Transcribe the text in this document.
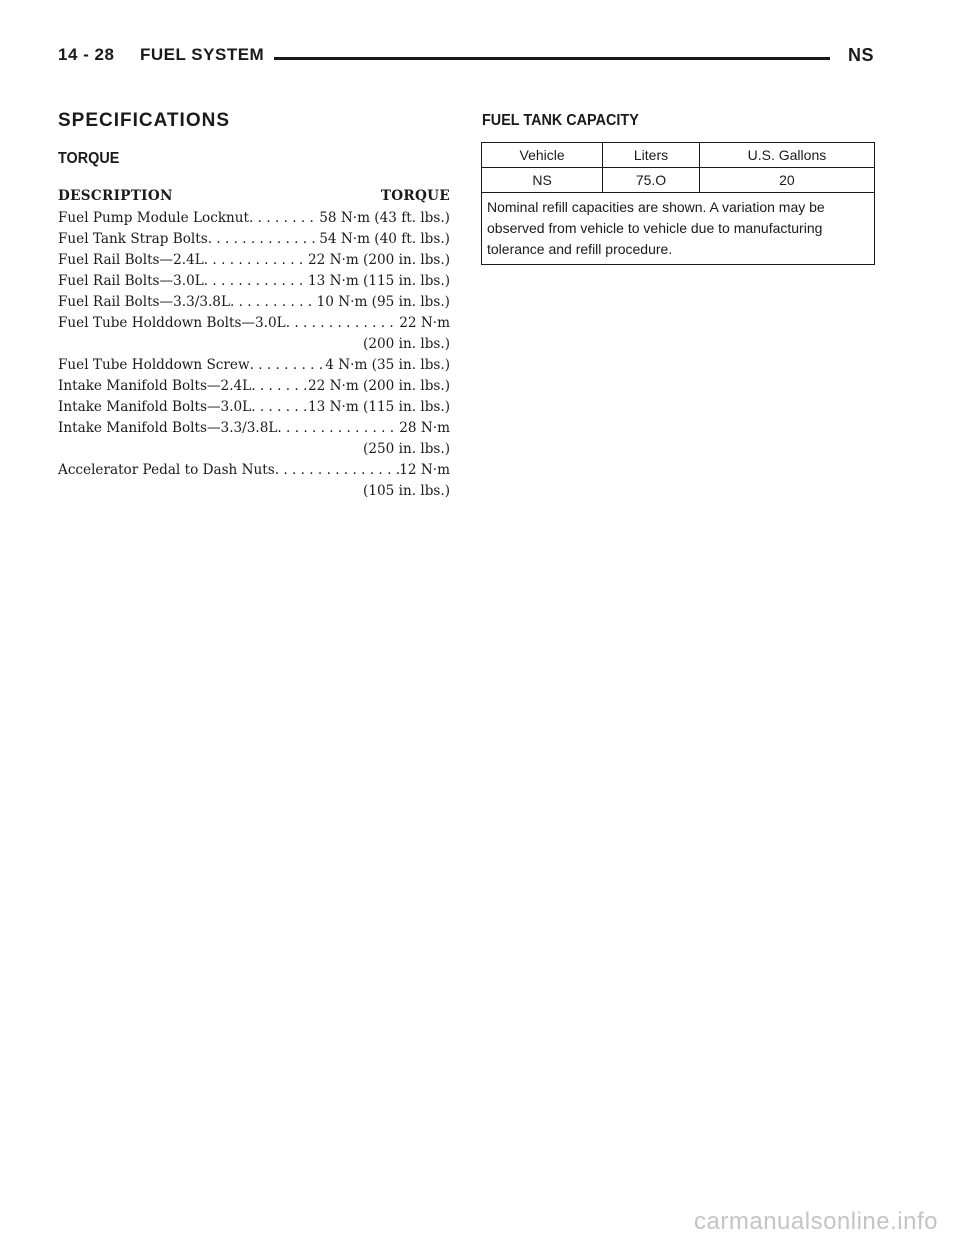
14 - 28 FUEL SYSTEM	NS
SPECIFICATIONS
TORQUE
DESCRIPTION	TORQUE
Fuel Pump Module Locknut . . .	58 N·m (43 ft. lbs.)
Fuel Tank Strap Bolts . . .	54 N·m (40 ft. lbs.)
Fuel Rail Bolts—2.4L . . .	22 N·m (200 in. lbs.)
Fuel Rail Bolts—3.0L . . .	13 N·m (115 in. lbs.)
Fuel Rail Bolts—3.3/3.8L . . .	10 N·m (95 in. lbs.)
Fuel Tube Holddown Bolts—3.0L . . .	22 N·m
(200 in. lbs.)
Fuel Tube Holddown Screw . . .	4 N·m (35 in. lbs.)
Intake Manifold Bolts—2.4L . . .	22 N·m (200 in. lbs.)
Intake Manifold Bolts—3.0L . . .	13 N·m (115 in. lbs.)
Intake Manifold Bolts—3.3/3.8L . . .	28 N·m
(250 in. lbs.)
Accelerator Pedal to Dash Nuts . . .	12 N·m
(105 in. lbs.)
FUEL TANK CAPACITY
Vehicle	Liters	U.S. Gallons
NS	75.O	20
Nominal refill capacities are shown. A variation may be observed from vehicle to vehicle due to manufacturing tolerance and refill procedure.		
carmanualsonline.info
